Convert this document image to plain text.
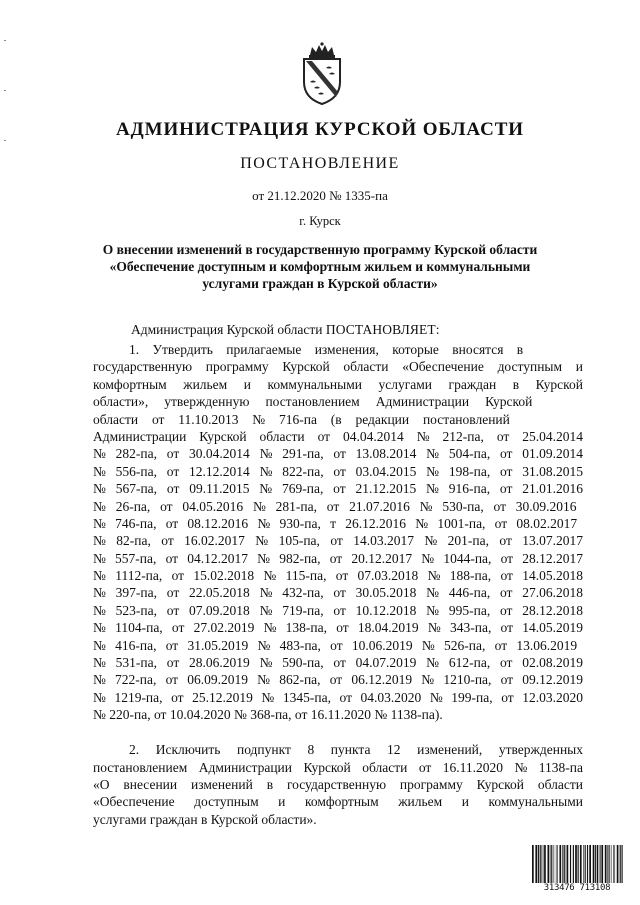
АДМИНИСТРАЦИЯ КУРСКОЙ ОБЛАСТИ
ПОСТАНОВЛЕНИЕ
от 21.12.2020 № 1335-па
г. Курск
О внесении изменений в государственную программу Курской области
«Обеспечение доступным и комфортным жильем и коммунальными
услугами граждан в Курской области»
Администрация Курской области ПОСТАНОВЛЯЕТ:
1. Утвердить прилагаемые изменения, которые вносятся в
государственную программу Курской области «Обеспечение доступным и
комфортным жильем и коммунальными услугами граждан в Курской
области», утвержденную постановлением Администрации Курской
области от 11.10.2013 № 716-па (в редакции постановлений
Администрации Курской области от 04.04.2014 № 212-па, от 25.04.2014
№ 282-па, от 30.04.2014 № 291-па, от 13.08.2014 № 504-па, от 01.09.2014
№ 556-па, от 12.12.2014 № 822-па, от 03.04.2015 № 198-па, от 31.08.2015
№ 567-па, от 09.11.2015 № 769-па, от 21.12.2015 № 916-па, от 21.01.2016
№ 26-па, от 04.05.2016 № 281-па, от 21.07.2016 № 530-па, от 30.09.2016
№ 746-па, от 08.12.2016 № 930-па, т 26.12.2016 № 1001-па, от 08.02.2017
№ 82-па, от 16.02.2017 № 105-па, от 14.03.2017 № 201-па, от 13.07.2017
№ 557-па, от 04.12.2017 № 982-па, от 20.12.2017 № 1044-па, от 28.12.2017
№ 1112-па, от 15.02.2018 № 115-па, от 07.03.2018 № 188-па, от 14.05.2018
№ 397-па, от 22.05.2018 № 432-па, от 30.05.2018 № 446-па, от 27.06.2018
№ 523-па, от 07.09.2018 № 719-па, от 10.12.2018 № 995-па, от 28.12.2018
№ 1104-па, от 27.02.2019 № 138-па, от 18.04.2019 № 343-па, от 14.05.2019
№ 416-па, от 31.05.2019 № 483-па, от 10.06.2019 № 526-па, от 13.06.2019
№ 531-па, от 28.06.2019 № 590-па, от 04.07.2019 № 612-па, от 02.08.2019
№ 722-па, от 06.09.2019 № 862-па, от 06.12.2019 № 1210-па, от 09.12.2019
№ 1219-па, от 25.12.2019 № 1345-па, от 04.03.2020 № 199-па, от 12.03.2020
№ 220-па, от 10.04.2020 № 368-па, от 16.11.2020 № 1138-па).
2. Исключить подпункт 8 пункта 12 изменений, утвержденных
постановлением Администрации Курской области от 16.11.2020 № 1138-па
«О внесении изменений в государственную программу Курской области
«Обеспечение доступным и комфортным жильем и коммунальными
услугами граждан в Курской области».
313476 713108
